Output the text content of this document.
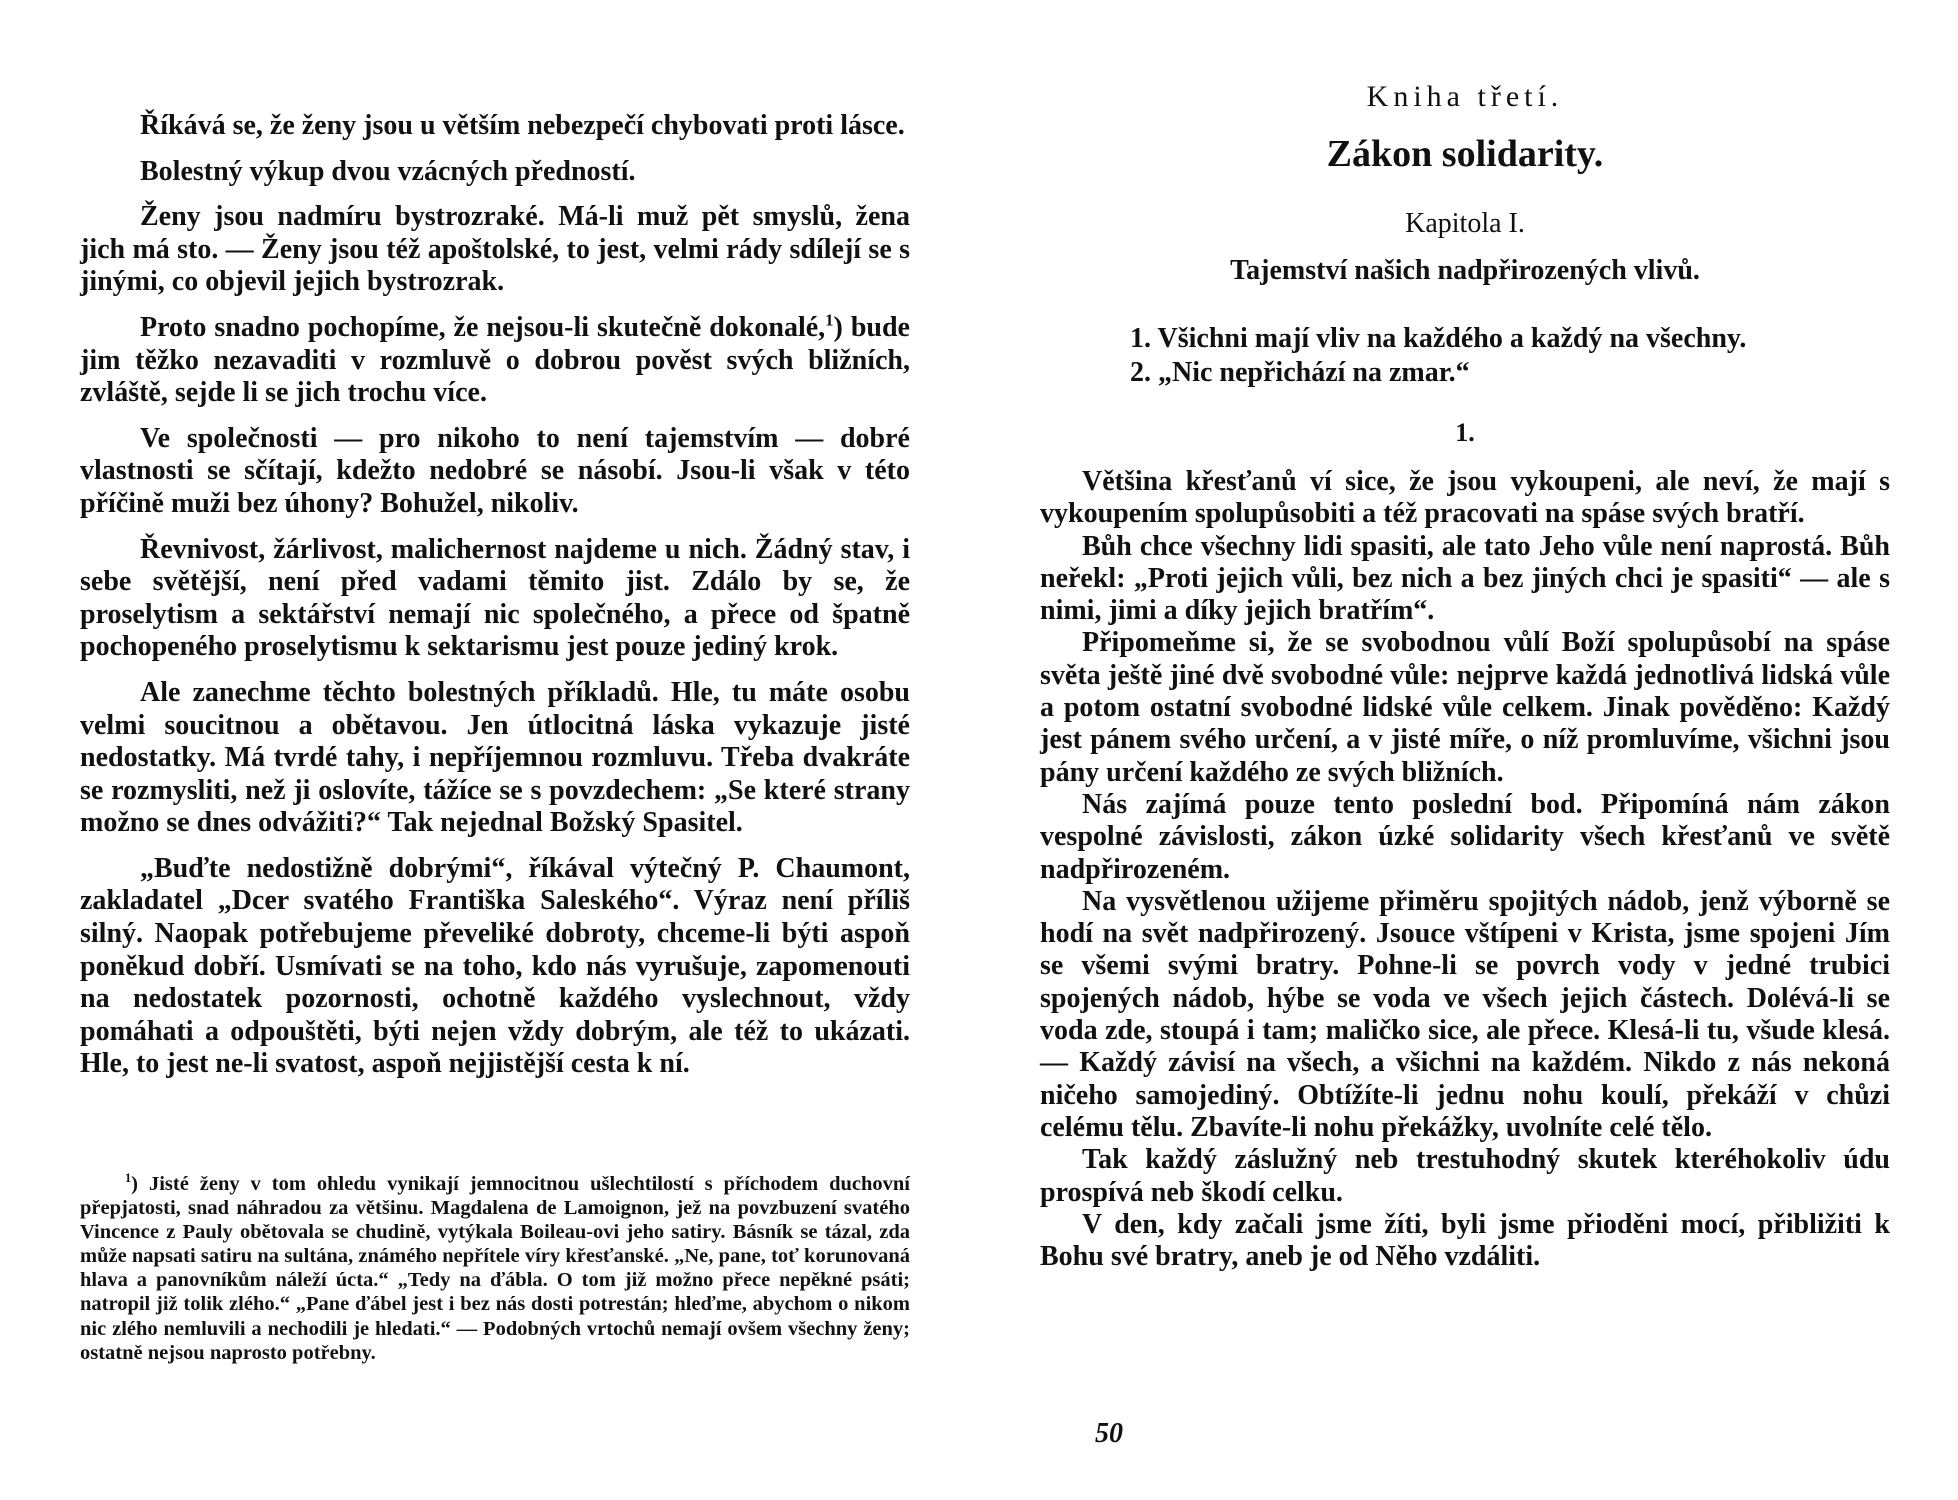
Říkává se, že ženy jsou u větším nebezpečí chybovati proti lásce.

Bolestný výkup dvou vzácných předností.

Ženy jsou nadmíru bystrozraké. Má-li muž pět smyslů, žena jich má sto. — Ženy jsou též apoštolské, to jest, velmi rády sdílejí se s jinými, co objevil jejich bystrozrak.

Proto snadno pochopíme, že nejsou-li skutečně dokonalé,$^1$) bude jim těžko nezavaditi v rozmluvě o dobrou pověst svých bližních, zvláště, sejde li se jich trochu více.

Ve společnosti — pro nikoho to není tajemstvím — dobré vlastnosti se sčítají, kdežto nedobré se násobí. Jsou-li však v této příčině muži bez úhony? Bohužel, nikoliv.

Řevnivost, žárlivost, malichernost najdeme u nich. Žádný stav, i sebe světější, není před vadami těmito jist. Zdálo by se, že proselytism a sektářství nemají nic společného, a přece od špatně pochopeného proselytismu k sektarismu jest pouze jediný krok.

Ale zanechme těchto bolestných příkladů. Hle, tu máte osobu velmi soucitnou a obětavou. Jen útlocitná láska vykazuje jisté nedostatky. Má tvrdé tahy, i nepříjemnou rozmluvu. Třeba dvakráte se rozmysliti, než ji oslovíte, tážíce se s povzdechem: „Se které strany možno se dnes odvážiti?“ Tak nejednal Božský Spasitel.

„Buďte nedostižně dobrými“, říkával výtečný P. Chaumont, zakladatel „Dcer svatého Františka Saleského“. Výraz není příliš silný. Naopak potřebujeme převeliké dobroty, chceme-li býti aspoň poněkud dobří. Usmívati se na toho, kdo nás vyrušuje, zapomenouti na nedostatek pozornosti, ochotně každého vyslechnout, vždy pomáhati a odpouštěti, býti nejen vždy dobrým, ale též to ukázati. Hle, to jest ne-li svatost, aspoň nejjistější cesta k ní.

$^1$) Jisté ženy v tom ohledu vynikají jemnocitnou ušlechtilostí s příchodem duchovní přepjatosti, snad náhradou za většinu. Magdalena de Lamoignon, jež na povzbuzení svatého Vincence z Pauly obětovala se chudině, vytýkala Boileau-ovi jeho satiry. Básník se tázal, zda může napsati satiru na sultána, známého nepřítele víry křesťanské. „Ne, pane, toť korunovaná hlava a panovníkům náleží úcta.“ „Tedy na ďábla. O tom již možno přece nepěkné psáti; natropil již tolik zlého.“ „Pane ďábel jest i bez nás dosti potrestán; hleďme, abychom o nikom nic zlého nemluvili a nechodili je hledati.“ — Podobných vrtochů nemají ovšem všechny ženy; ostatně nejsou naprosto potřebny.

Kniha třetí.
Zákon solidarity.
Kapitola I.
Tajemství našich nadpřirozených vlivů.
1. Všichni mají vliv na každého a každý na všechny.
2. „Nic nepřichází na zmar.“
1.

Většina křesťanů ví sice, že jsou vykoupeni, ale neví, že mají s vykoupením spolupůsobiti a též pracovati na spáse svých bratří.

Bůh chce všechny lidi spasiti, ale tato Jeho vůle není naprostá. Bůh neřekl: „Proti jejich vůli, bez nich a bez jiných chci je spasiti“ — ale s nimi, jimi a díky jejich bratřím“.

Připomeňme si, že se svobodnou vůlí Boží spolupůsobí na spáse světa ještě jiné dvě svobodné vůle: nejprve každá jednotlivá lidská vůle a potom ostatní svobodné lidské vůle celkem. Jinak pověděno: Každý jest pánem svého určení, a v jisté míře, o níž promluvíme, všichni jsou pány určení každého ze svých bližních.

Nás zajímá pouze tento poslední bod. Připomíná nám zákon vespolné závislosti, zákon úzké solidarity všech křesťanů ve světě nadpřirozeném.

Na vysvětlenou užijeme přiměru spojitých nádob, jenž výborně se hodí na svět nadpřirozený. Jsouce vštípeni v Krista, jsme spojeni Jím se všemi svými bratry. Pohne-li se povrch vody v jedné trubici spojených nádob, hýbe se voda ve všech jejich částech. Dolévá-li se voda zde, stoupá i tam; maličko sice, ale přece. Klesá-li tu, všude klesá. — Každý závisí na všech, a všichni na každém. Nikdo z nás nekoná ničeho samojediný. Obtížíte-li jednu nohu koulí, překáží v chůzi celému tělu. Zbavíte-li nohu překážky, uvolníte celé tělo.

Tak každý záslužný neb trestuhodný skutek kteréhokoliv údu prospívá neb škodí celku.

V den, kdy začali jsme žíti, byli jsme přioděni mocí, přibližiti k Bohu své bratry, aneb je od Něho vzdáliti.

50
